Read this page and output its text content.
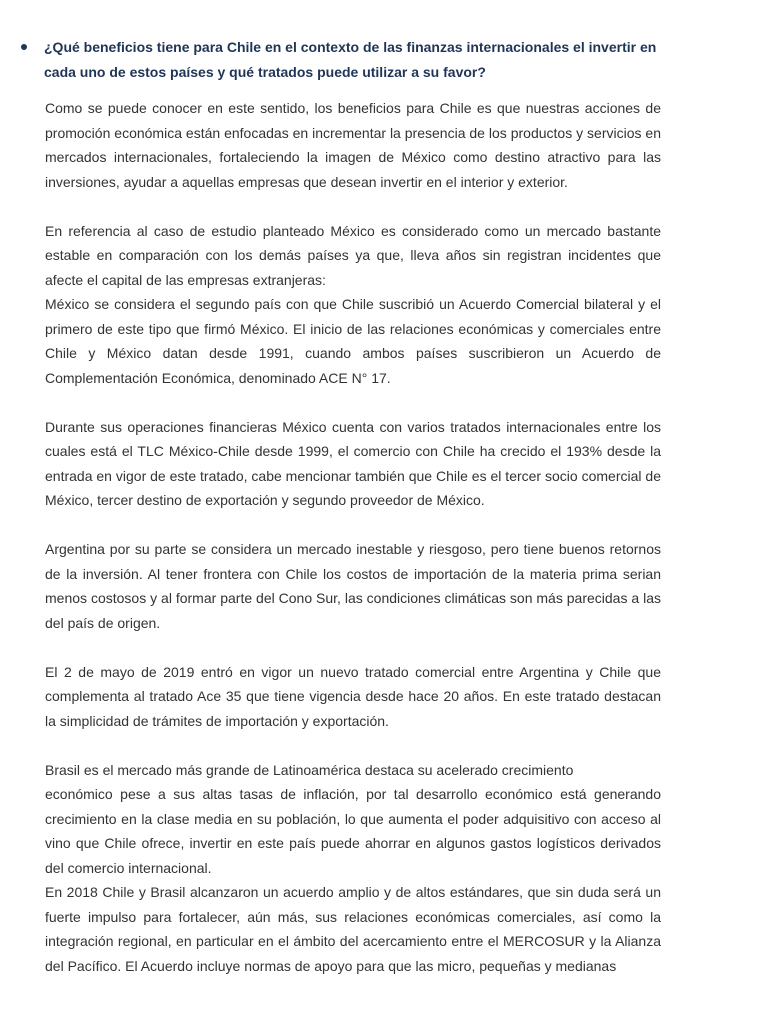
¿Qué beneficios tiene para Chile en el contexto de las finanzas internacionales el invertir en cada uno de estos países y qué tratados puede utilizar a su favor?

Como se puede conocer en este sentido, los beneficios para Chile es que nuestras acciones de promoción económica están enfocadas en incrementar la presencia de los productos y servicios en mercados internacionales, fortaleciendo la imagen de México como destino atractivo para las inversiones, ayudar a aquellas empresas que desean invertir en el interior y exterior.

En referencia al caso de estudio planteado México es considerado como un mercado bastante estable en comparación con los demás países ya que, lleva años sin registran incidentes que afecte el capital de las empresas extranjeras:

México se considera el segundo país con que Chile suscribió un Acuerdo Comercial bilateral y el primero de este tipo que firmó México. El inicio de las relaciones económicas y comerciales entre Chile y México datan desde 1991, cuando ambos países suscribieron un Acuerdo de Complementación Económica, denominado ACE N° 17.

Durante sus operaciones financieras México cuenta con varios tratados internacionales entre los cuales está el TLC México-Chile desde 1999, el comercio con Chile ha crecido el 193% desde la entrada en vigor de este tratado, cabe mencionar también que Chile es el tercer socio comercial de México, tercer destino de exportación y segundo proveedor de México.

Argentina por su parte se considera un mercado inestable y riesgoso, pero tiene buenos retornos de la inversión. Al tener frontera con Chile los costos de importación de la materia prima serian menos costosos y al formar parte del Cono Sur, las condiciones climáticas son más parecidas a las del país de origen.

El 2 de mayo de 2019 entró en vigor un nuevo tratado comercial entre Argentina y Chile que complementa al tratado Ace 35 que tiene vigencia desde hace 20 años. En este tratado destacan la simplicidad de trámites de importación y exportación.

Brasil es el mercado más grande de Latinoamérica destaca su acelerado crecimiento

económico pese a sus altas tasas de inflación, por tal desarrollo económico está generando crecimiento en la clase media en su población, lo que aumenta el poder adquisitivo con acceso al vino que Chile ofrece, invertir en este país puede ahorrar en algunos gastos logísticos derivados del comercio internacional.

En 2018 Chile y Brasil alcanzaron un acuerdo amplio y de altos estándares, que sin duda será un fuerte impulso para fortalecer, aún más, sus relaciones económicas comerciales, así como la integración regional, en particular en el ámbito del acercamiento entre el MERCOSUR y la Alianza del Pacífico. El Acuerdo incluye normas de apoyo para que las micro, pequeñas y medianas
